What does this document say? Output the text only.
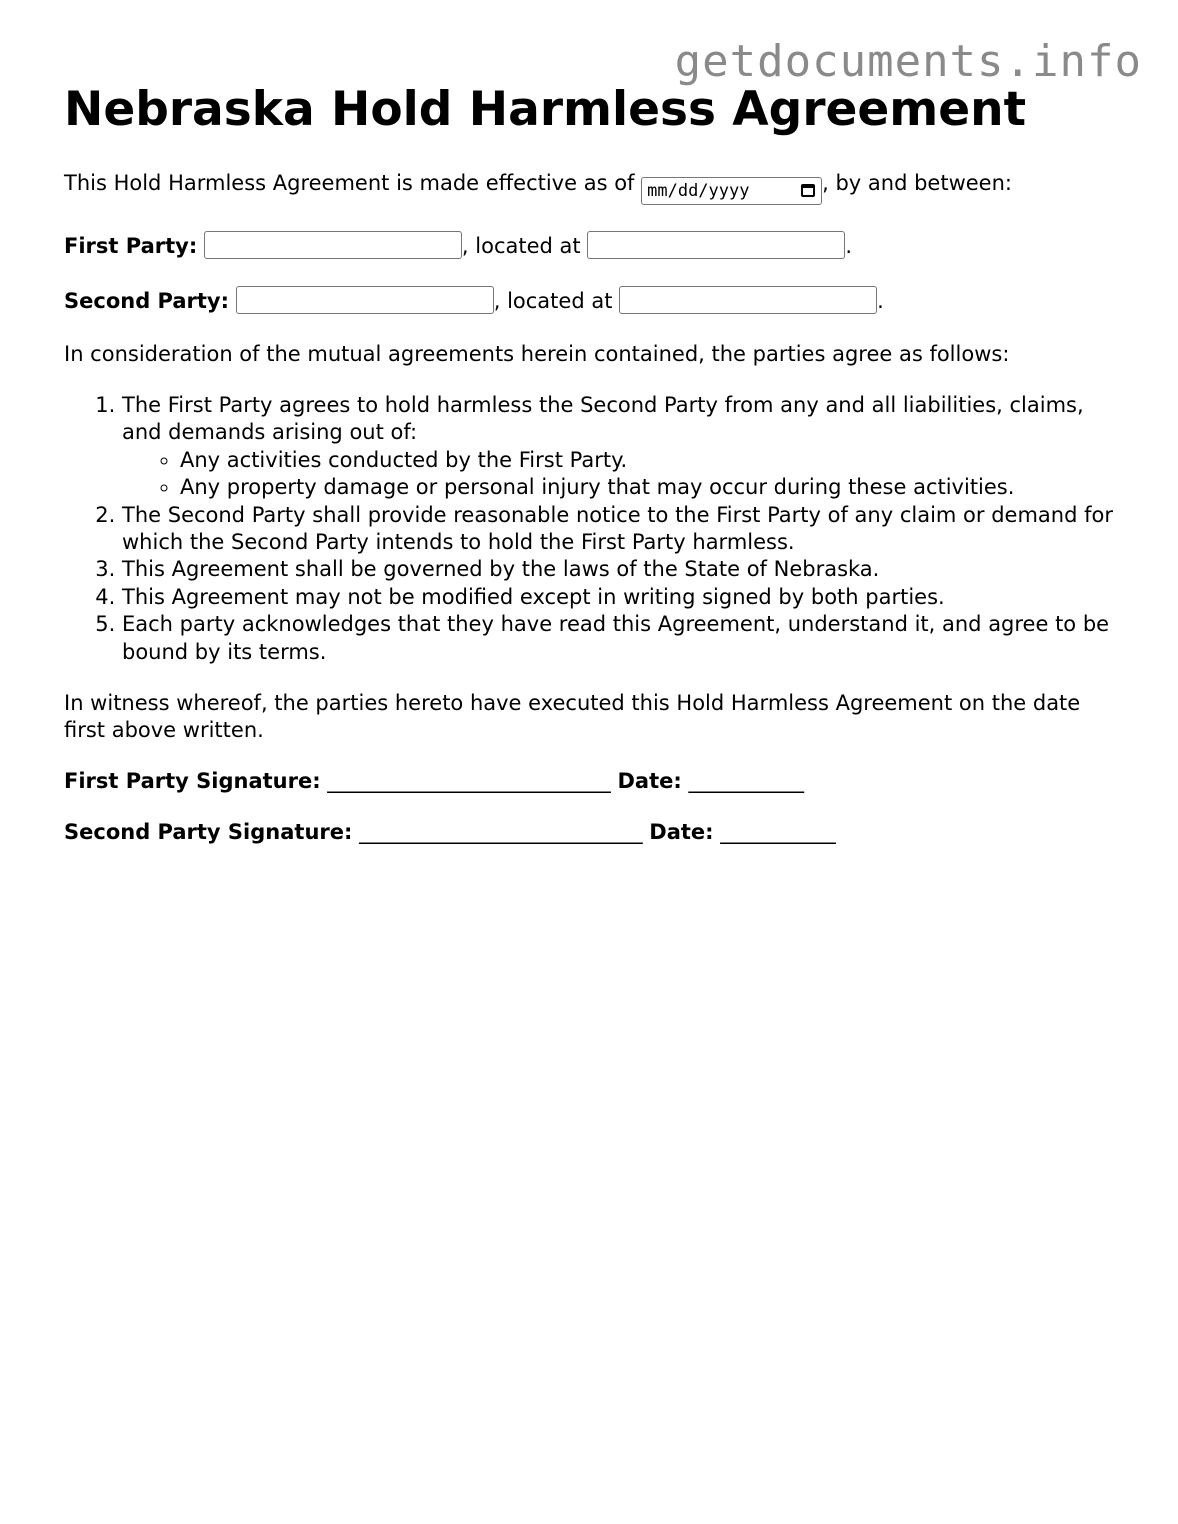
getdocuments.info
Nebraska Hold Harmless Agreement

This Hold Harmless Agreement is made effective as of mm/dd/yyyy	, by and between:

First Party:	, located at	.

Second Party:	, located at	.

In consideration of the mutual agreements herein contained, the parties agree as follows:

1. The First Party agrees to hold harmless the Second Party from any and all liabilities, claims, and demands arising out of:
◦ Any activities conducted by the First Party.
◦ Any property damage or personal injury that may occur during these activities.
2. The Second Party shall provide reasonable notice to the First Party of any claim or demand for which the Second Party intends to hold the First Party harmless.
3. This Agreement shall be governed by the laws of the State of Nebraska.
4. This Agreement may not be modified except in writing signed by both parties.
5. Each party acknowledges that they have read this Agreement, understand it, and agree to be bound by its terms.

In witness whereof, the parties hereto have executed this Hold Harmless Agreement on the date first above written.

First Party Signature: ___________________________ Date: ___________

Second Party Signature: ___________________________ Date: ___________
